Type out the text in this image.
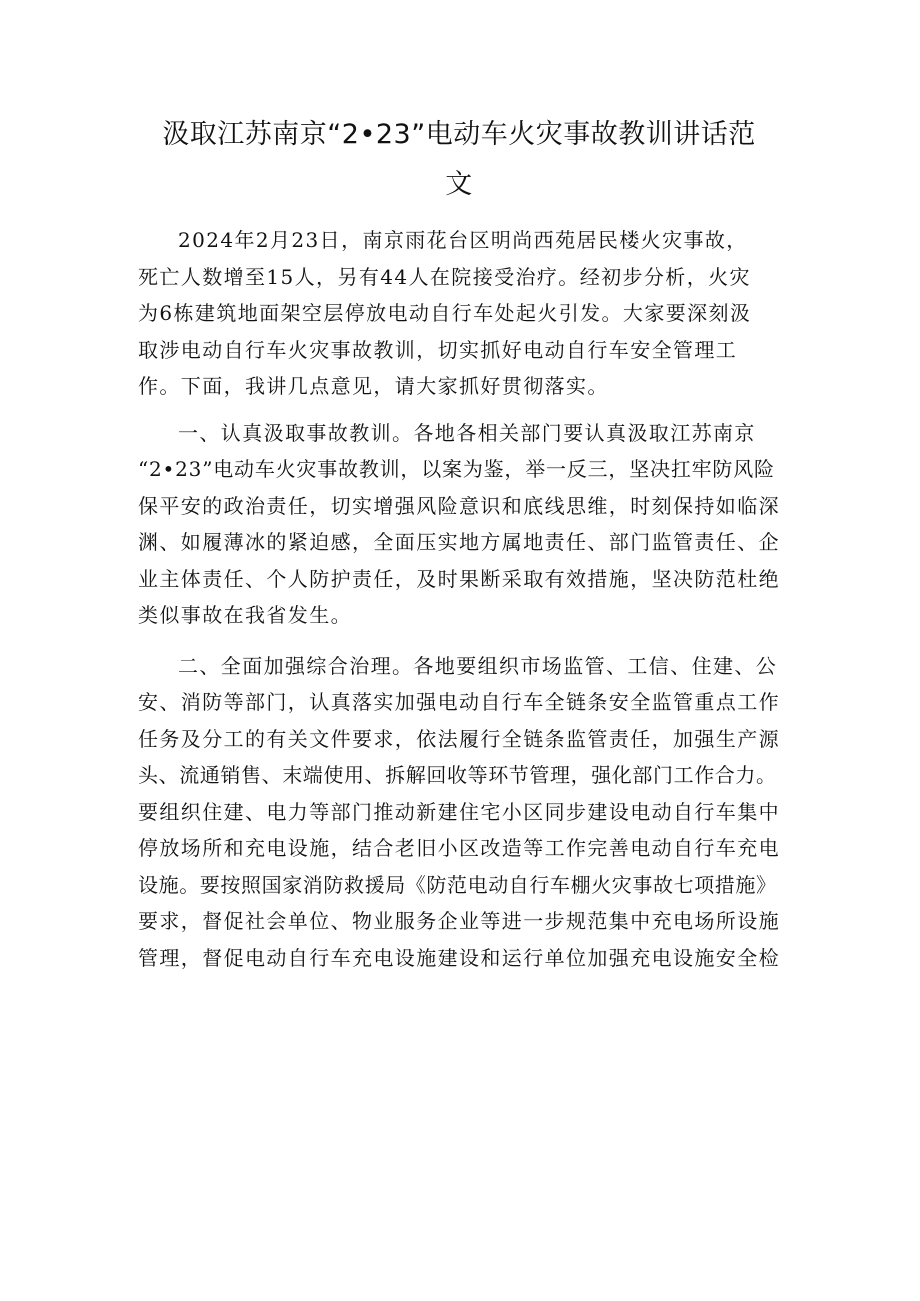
汲取江苏南京“2•23”电动车火灾事故教训讲话范
文

2024年2月23日，南京雨花台区明尚西苑居民楼火灾事故，
死亡人数增至15人，另有44人在院接受治疗。经初步分析，火灾
为6栋建筑地面架空层停放电动自行车处起火引发。大家要深刻汲
取涉电动自行车火灾事故教训，切实抓好电动自行车安全管理工
作。下面，我讲几点意见，请大家抓好贯彻落实。

一、认真汲取事故教训。各地各相关部门要认真汲取江苏南京
“2•23”电动车火灾事故教训，以案为鉴，举一反三，坚决扛牢防风险
保平安的政治责任，切实增强风险意识和底线思维，时刻保持如临深
渊、如履薄冰的紧迫感，全面压实地方属地责任、部门监管责任、企
业主体责任、个人防护责任，及时果断采取有效措施，坚决防范杜绝
类似事故在我省发生。

二、全面加强综合治理。各地要组织市场监管、工信、住建、公
安、消防等部门，认真落实加强电动自行车全链条安全监管重点工作
任务及分工的有关文件要求，依法履行全链条监管责任，加强生产源
头、流通销售、末端使用、拆解回收等环节管理，强化部门工作合力。
要组织住建、电力等部门推动新建住宅小区同步建设电动自行车集中
停放场所和充电设施，结合老旧小区改造等工作完善电动自行车充电
设施。要按照国家消防救援局《防范电动自行车棚火灾事故七项措施》
要求，督促社会单位、物业服务企业等进一步规范集中充电场所设施
管理，督促电动自行车充电设施建设和运行单位加强充电设施安全检
